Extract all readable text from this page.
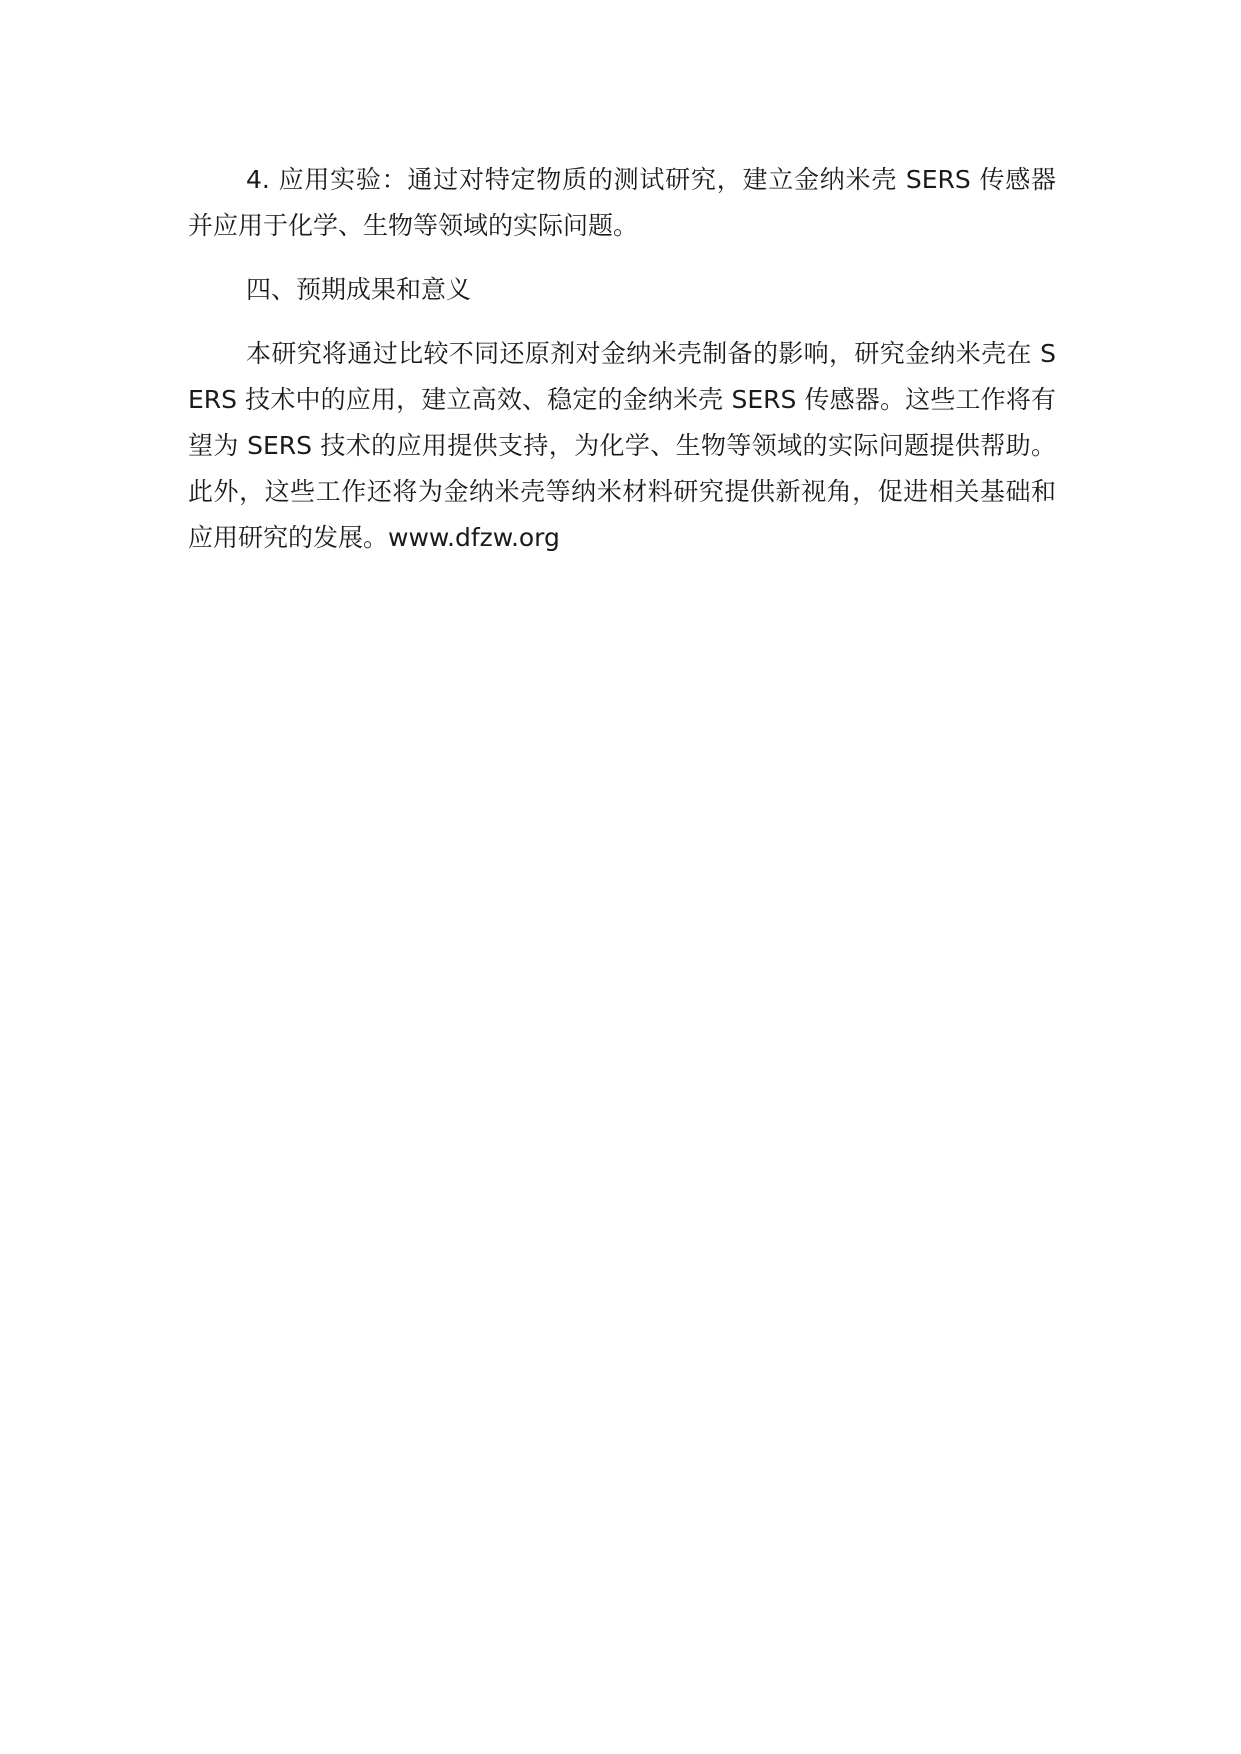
4. 应用实验：通过对特定物质的测试研究，建立金纳米壳 SERS 传感器并应用于化学、生物等领域的实际问题。

四、预期成果和意义

本研究将通过比较不同还原剂对金纳米壳制备的影响，研究金纳米壳在 SERS 技术中的应用，建立高效、稳定的金纳米壳 SERS 传感器。这些工作将有望为 SERS 技术的应用提供支持，为化学、生物等领域的实际问题提供帮助。此外，这些工作还将为金纳米壳等纳米材料研究提供新视角，促进相关基础和应用研究的发展。www.dfzw.org
